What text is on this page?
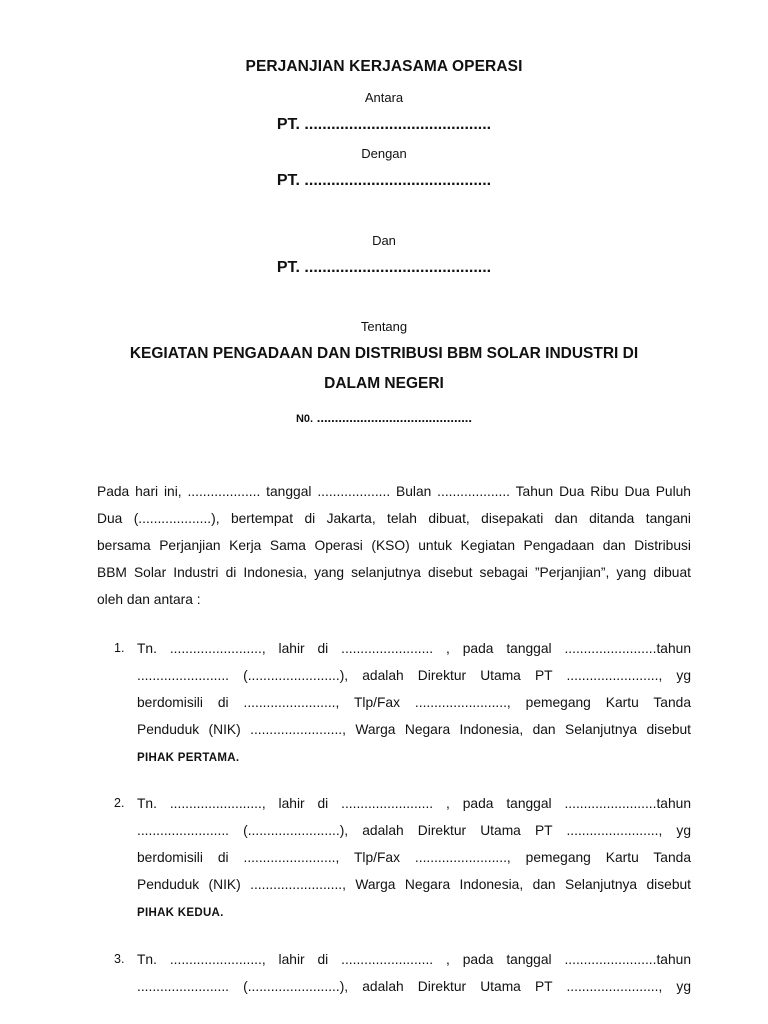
PERJANJIAN KERJASAMA OPERASI
Antara
PT. ..........................................
Dengan
PT. ..........................................
Dan
PT. ..........................................
Tentang
KEGIATAN PENGADAAN DAN DISTRIBUSI BBM SOLAR INDUSTRI DI
DALAM NEGERI
N0. ...........................................
Pada hari ini, ................... tanggal ................... Bulan ................... Tahun Dua Ribu Dua Puluh
Dua (...................), bertempat di Jakarta, telah dibuat, disepakati dan ditanda tangani
bersama Perjanjian Kerja Sama Operasi (KSO) untuk Kegiatan Pengadaan dan Distribusi
BBM Solar Industri di Indonesia, yang selanjutnya disebut sebagai ”Perjanjian”, yang dibuat
oleh dan antara :
1. Tn. ........................, lahir di ........................ , pada tanggal ........................tahun
........................ (........................), adalah Direktur Utama PT ........................, yg
berdomisili di ........................, Tlp/Fax ........................, pemegang Kartu Tanda
Penduduk (NIK) ........................, Warga Negara Indonesia, dan Selanjutnya disebut
PIHAK PERTAMA.
2. Tn. ........................, lahir di ........................ , pada tanggal ........................tahun
........................ (........................), adalah Direktur Utama PT ........................, yg
berdomisili di ........................, Tlp/Fax ........................, pemegang Kartu Tanda
Penduduk (NIK) ........................, Warga Negara Indonesia, dan Selanjutnya disebut
PIHAK KEDUA.
3. Tn. ........................, lahir di ........................ , pada tanggal ........................tahun
........................ (........................), adalah Direktur Utama PT ........................, yg
